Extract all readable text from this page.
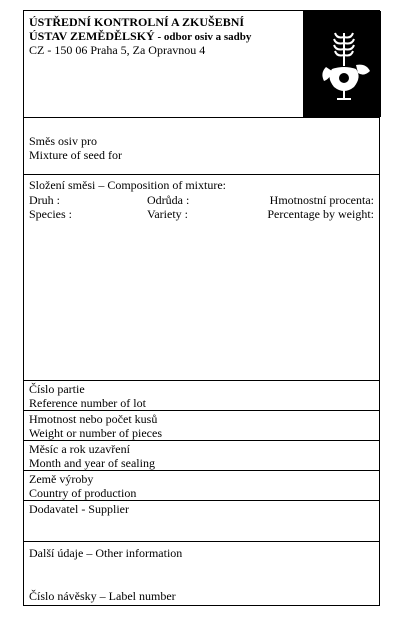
ÚSTŘEDNÍ KONTROLNÍ A ZKUŠEBNÍ
ÚSTAV ZEMĚDĚLSKÝ - odbor osiv a sadby
CZ - 150 06 Praha 5, Za Opravnou 4
Směs osiv pro
Mixture of seed for
Složení směsi – Composition of mixture:
Druh :
Species :
Odrůda :
Variety :
Hmotnostní procenta:
Percentage by weight:
Číslo partie
Reference number of lot
Hmotnost nebo počet kusů
Weight or number of pieces
Měsíc a rok uzavření
Month and year of sealing
Země výroby
Country of production
Dodavatel - Supplier
Další údaje – Other information
Číslo návěsky – Label number
